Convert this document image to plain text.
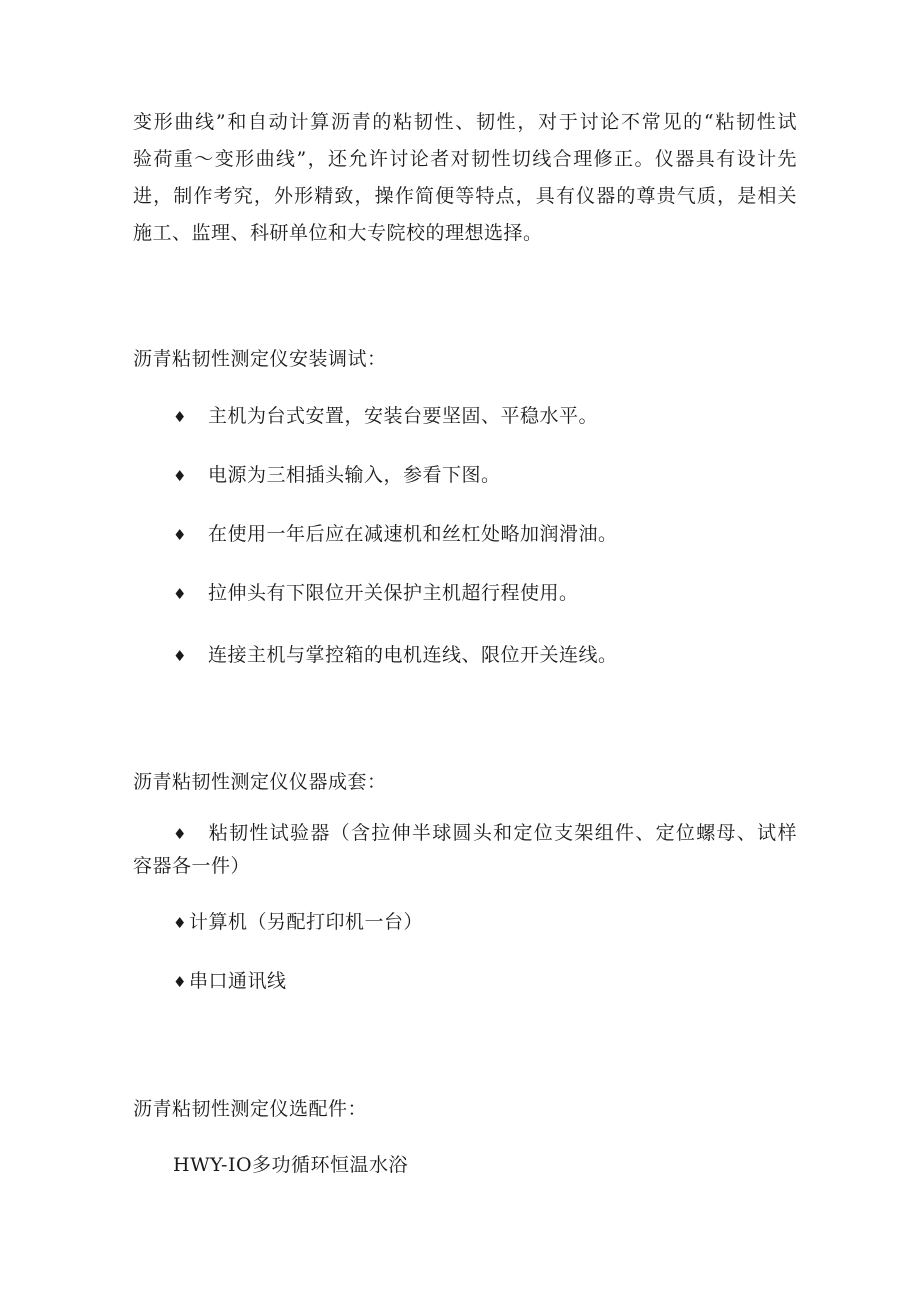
变形曲线”和自动计算沥青的粘韧性、韧性，对于讨论不常见的“粘韧性试
验荷重～变形曲线”，还允许讨论者对韧性切线合理修正。仪器具有设计先
进，制作考究，外形精致，操作简便等特点，具有仪器的尊贵气质，是相关
施工、监理、科研单位和大专院校的理想选择。
沥青粘韧性测定仪安装调试：
♦ 主机为台式安置，安装台要坚固、平稳水平。
♦ 电源为三相插头输入，参看下图。
♦ 在使用一年后应在减速机和丝杠处略加润滑油。
♦ 拉伸头有下限位开关保护主机超行程使用。
♦ 连接主机与掌控箱的电机连线、限位开关连线。
沥青粘韧性测定仪仪器成套：
♦ 粘韧性试验器（含拉伸半球圆头和定位支架组件、定位螺母、试样
容器各一件）
♦ 计算机（另配打印机一台）
♦ 串口通讯线
沥青粘韧性测定仪选配件：
HWY-IO多功循环恒温水浴
